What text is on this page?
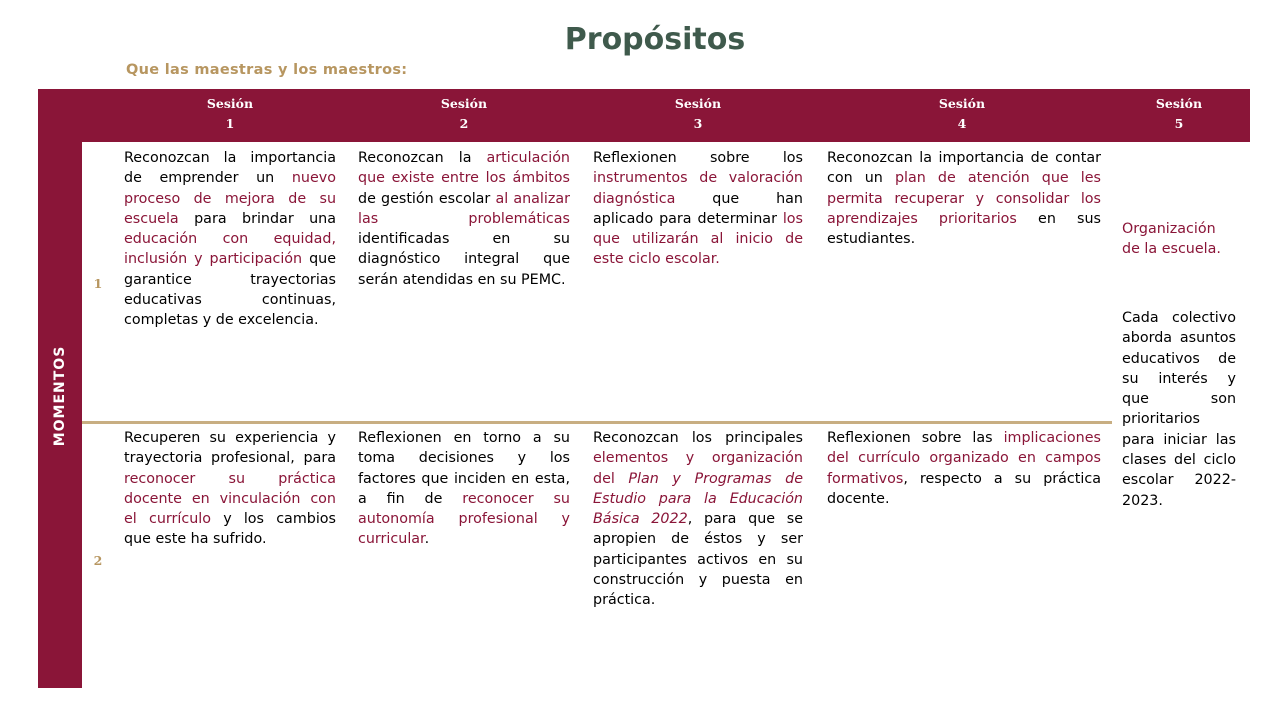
Propósitos
Que las maestras y los maestros:
MOMENTOS
Sesión
1
Sesión
2
Sesión
3
Sesión
4
Sesión
5
1
2
Reconozcan la importancia de emprender un nuevo proceso de mejora de su escuela para brindar una educación con equidad, inclusión y participación que garantice trayectorias educativas continuas, completas y de excelencia.
Reconozcan la articulación que existe entre los ámbitos de gestión escolar al analizar las problemáticas identificadas en su diagnóstico integral que serán atendidas en su PEMC.
Reflexionen sobre los instrumentos de valoración diagnóstica que han aplicado para determinar los que utilizarán al inicio de este ciclo escolar.
Reconozcan la importancia de contar con un plan de atención que les permita recuperar y consolidar los aprendizajes prioritarios en sus estudiantes.
Recuperen su experiencia y trayectoria profesional, para reconocer su práctica docente en vinculación con el currículo y los cambios que este ha sufrido.
Reflexionen en torno a su toma decisiones y los factores que inciden en esta, a fin de reconocer su autonomía profesional y curricular.
Reconozcan los principales elementos y organización del Plan y Programas de Estudio para la Educación Básica 2022, para que se apropien de éstos y ser participantes activos en su construcción y puesta en práctica.
Reflexionen sobre las implicaciones del currículo organizado en campos formativos, respecto a su práctica docente.
Organización de la escuela.
Cada colectivo aborda asuntos educativos de su interés y que son prioritarios para iniciar las clases del ciclo escolar 2022-2023.
